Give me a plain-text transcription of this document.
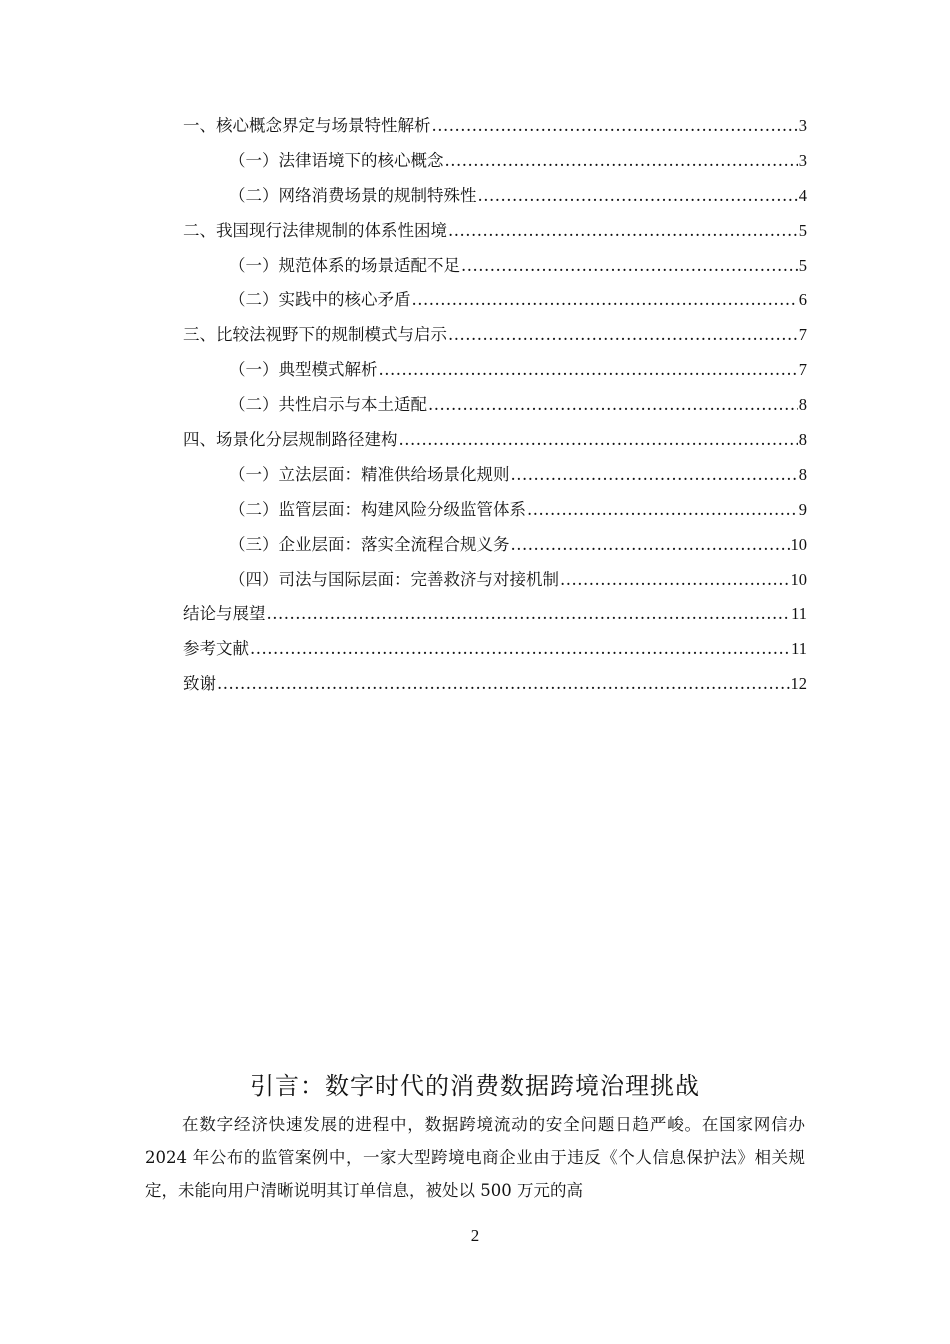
一、核心概念界定与场景特性解析 .....	3
（一）法律语境下的核心概念 .....	3
（二）网络消费场景的规制特殊性 .....	4
二、我国现行法律规制的体系性困境 .....	5
（一）规范体系的场景适配不足 .....	5
（二）实践中的核心矛盾 .....	6
三、比较法视野下的规制模式与启示 .....	7
（一）典型模式解析 .....	7
（二）共性启示与本土适配 .....	8
四、场景化分层规制路径建构 .....	8
（一）立法层面：精准供给场景化规则 .....	8
（二）监管层面：构建风险分级监管体系 .....	9
（三）企业层面：落实全流程合规义务 .....	10
（四）司法与国际层面：完善救济与对接机制 .....	10
结论与展望 .....	11
参考文献 .....	11
致谢 .....	12
引言：数字时代的消费数据跨境治理挑战

在数字经济快速发展的进程中，数据跨境流动的安全问题日趋严峻。在国家网信办 2024 年公布的监管案例中，一家大型跨境电商企业由于违反《个人信息保护法》相关规定，未能向用户清晰说明其订单信息，被处以 500 万元的高

2
